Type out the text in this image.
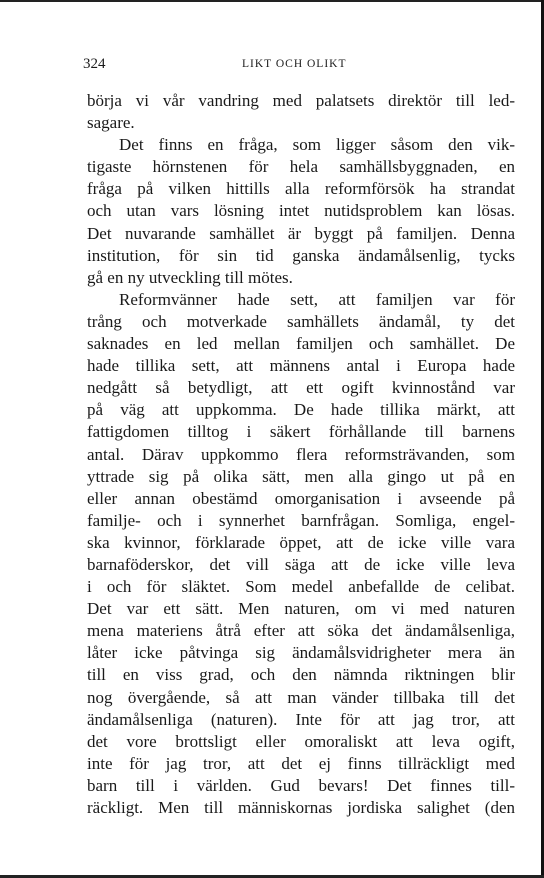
324	LIKT OCH OLIKT
börja vi vår vandring med palatsets direktör till led-
sagare.
Det finns en fråga, som ligger såsom den vik-
tigaste hörnstenen för hela samhällsbyggnaden, en
fråga på vilken hittills alla reformförsök ha strandat
och utan vars lösning intet nutidsproblem kan lösas.
Det nuvarande samhället är byggt på familjen. Denna
institution, för sin tid ganska ändamålsenlig, tycks
gå en ny utveckling till mötes.
Reformvänner hade sett, att familjen var för
trång och motverkade samhällets ändamål, ty det
saknades en led mellan familjen och samhället. De
hade tillika sett, att männens antal i Europa hade
nedgått så betydligt, att ett ogift kvinnostånd var
på väg att uppkomma. De hade tillika märkt, att
fattigdomen tilltog i säkert förhållande till barnens
antal. Därav uppkommo flera reformsträvanden, som
yttrade sig på olika sätt, men alla gingo ut på en
eller annan obestämd omorganisation i avseende på
familje- och i synnerhet barnfrågan. Somliga, engel-
ska kvinnor, förklarade öppet, att de icke ville vara
barnaföderskor, det vill säga att de icke ville leva
i och för släktet. Som medel anbefallde de celibat.
Det var ett sätt. Men naturen, om vi med naturen
mena materiens åtrå efter att söka det ändamålsenliga,
låter icke påtvinga sig ändamålsvidrigheter mera än
till en viss grad, och den nämnda riktningen blir
nog övergående, så att man vänder tillbaka till det
ändamålsenliga (naturen). Inte för att jag tror, att
det vore brottsligt eller omoraliskt att leva ogift,
inte för jag tror, att det ej finns tillräckligt med
barn till i världen. Gud bevars! Det finnes till-
räckligt. Men till människornas jordiska salighet (den
